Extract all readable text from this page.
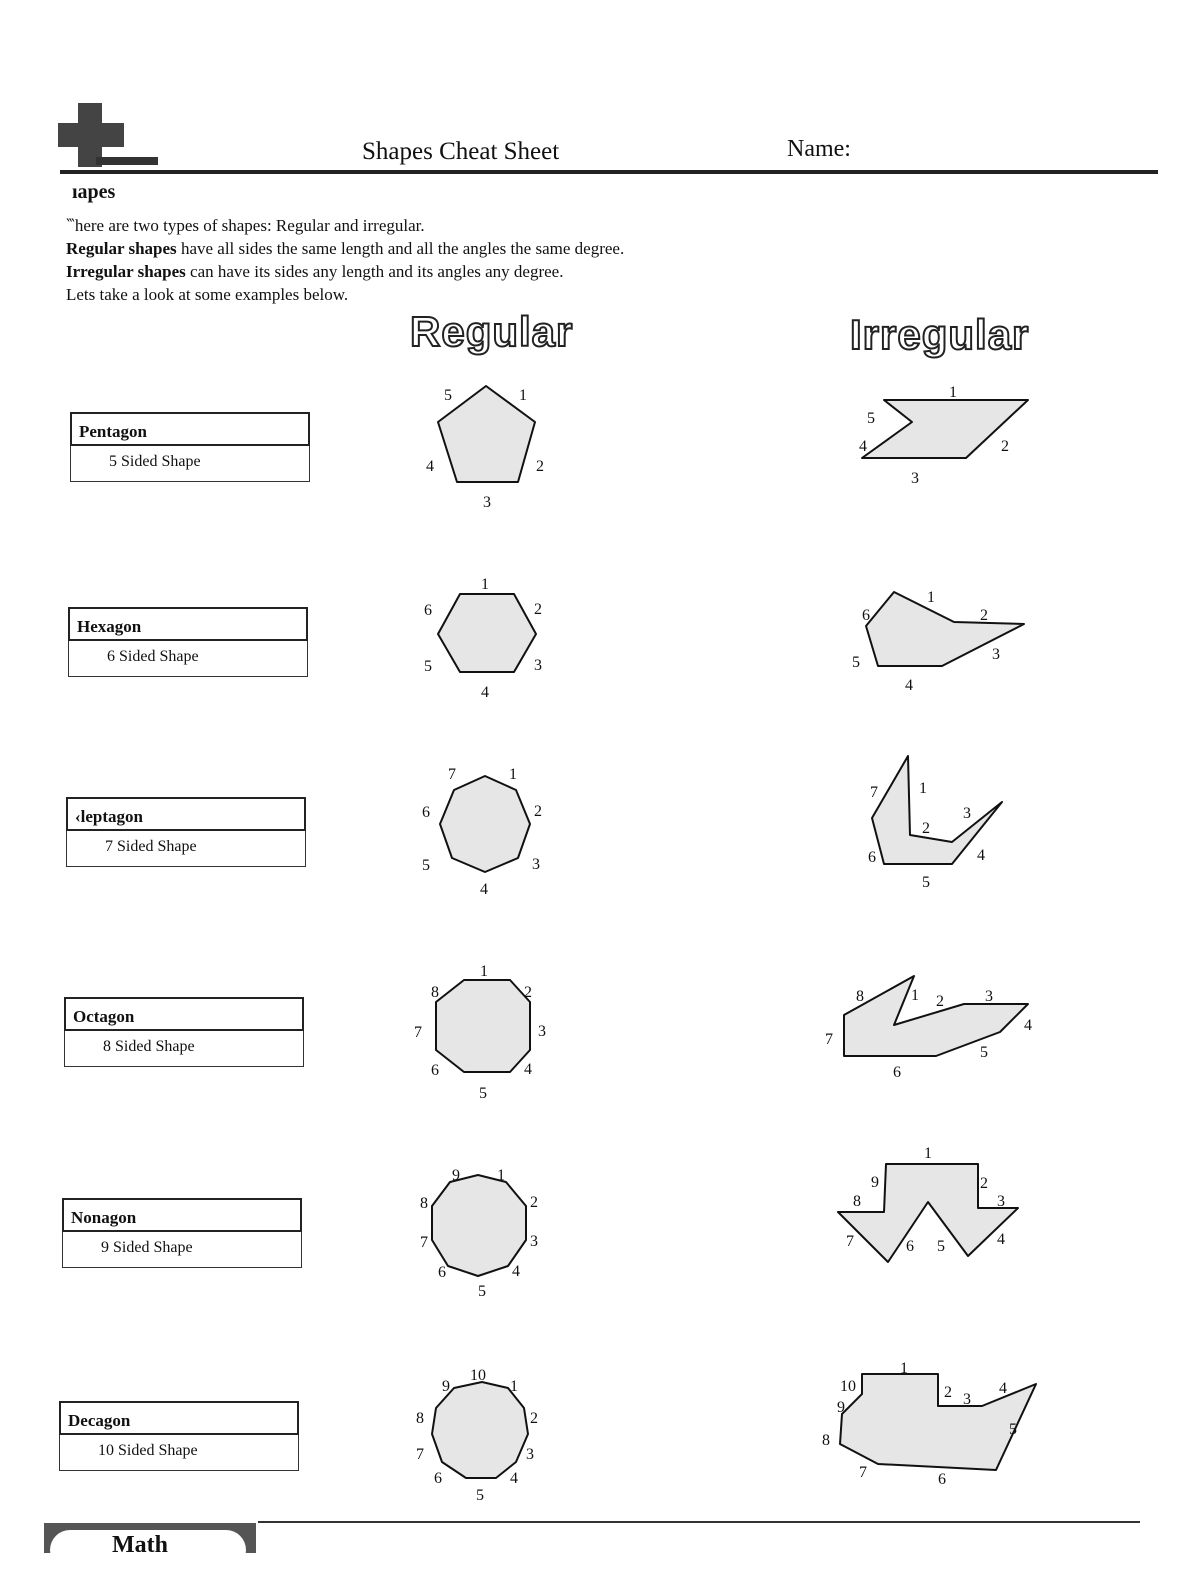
Shapes Cheat Sheet	Name:
ıapes
‷here are two types of shapes: Regular and irregular.
Regular shapes have all sides the same length and all the angles the same degree.
Irregular shapes can have its sides any length and its angles any degree.
Lets take a look at some examples below.
Regular	Irregular
Pentagon
5 Sided Shape
Hexagon
6 Sided Shape
‹leptagon
7 Sided Shape
Octagon
8 Sided Shape
Nonagon
9 Sided Shape
Decagon
10 Sided Shape
5	1
4	2
3
1
6	2
5	3
4
7	1
6	2
5	3
4
1
8	2
7	3
6	4
5
9 1
8	2
7	3
6	4
5
10
9	1
8	2
7	3
6	4
5
1
5
2
4
3
1
6	2
3
5
4
7	1
3
2
4
6
5
8	1 2	3
4
7
5
6
1
9	2
8	3
7	4
6 5
1
10	2 3
4
9
5
8
7	6
Math
